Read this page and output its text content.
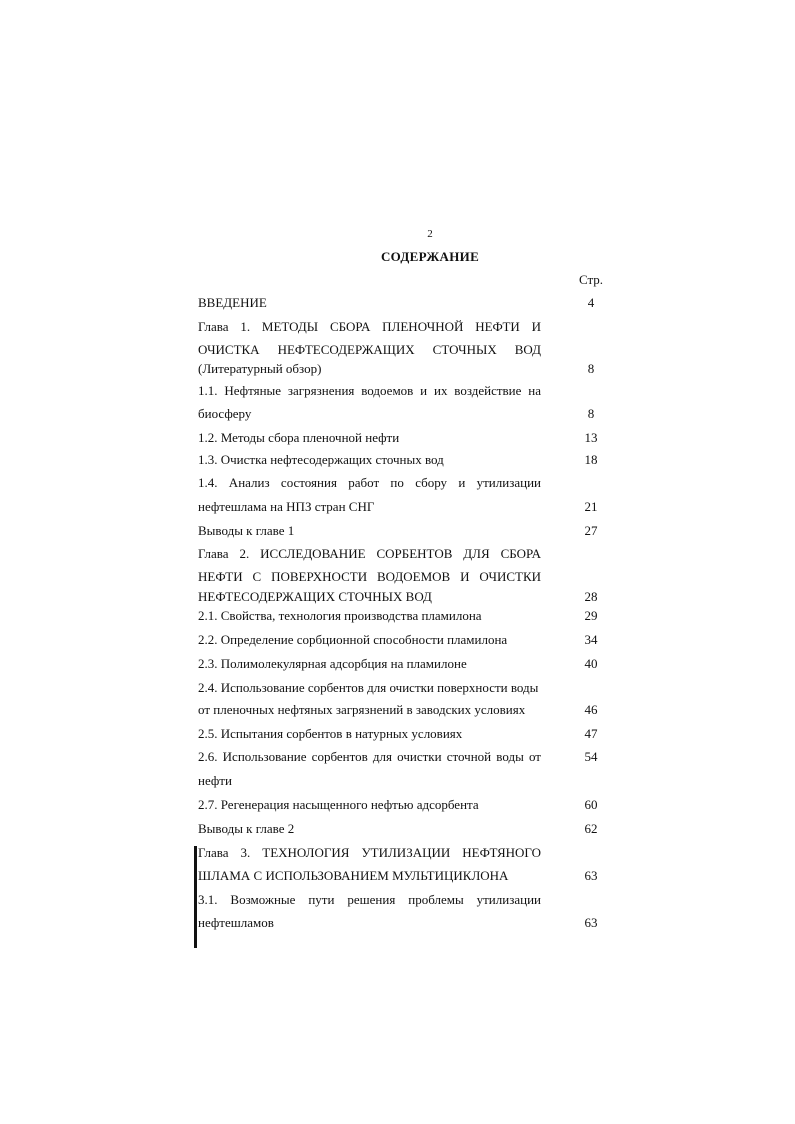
2
СОДЕРЖАНИЕ
Стр.
ВВЕДЕНИЕ	4
Глава 1. МЕТОДЫ СБОРА ПЛЕНОЧНОЙ НЕФТИ И
ОЧИСТКА НЕФТЕСОДЕРЖАЩИХ СТОЧНЫХ ВОД
(Литературный обзор)	8
1.1. Нефтяные загрязнения водоемов и их воздействие на
биосферу	8
1.2. Методы сбора пленочной нефти	13
1.3. Очистка нефтесодержащих сточных вод	18
1.4. Анализ состояния работ по сбору и утилизации
нефтешлама на НПЗ стран СНГ	21
Выводы к главе 1	27
Глава 2. ИССЛЕДОВАНИЕ СОРБЕНТОВ ДЛЯ СБОРА
НЕФТИ С ПОВЕРХНОСТИ ВОДОЕМОВ И ОЧИСТКИ
НЕФТЕСОДЕРЖАЩИХ СТОЧНЫХ ВОД	28
2.1. Свойства, технология производства пламилона	29
2.2. Определение сорбционной способности пламилона	34
2.3. Полимолекулярная адсорбция на пламилоне	40
2.4. Использование сорбентов для очистки поверхности воды
от пленочных нефтяных загрязнений в заводских условиях	46
2.5. Испытания сорбентов в натурных условиях	47
2.6. Использование сорбентов для очистки сточной воды от	54
нефти
2.7. Регенерация насыщенного нефтью адсорбента	60
Выводы к главе 2	62
Глава 3. ТЕХНОЛОГИЯ УТИЛИЗАЦИИ НЕФТЯНОГО
ШЛАМА С ИСПОЛЬЗОВАНИЕМ МУЛЬТИЦИКЛОНА	63
3.1. Возможные пути решения проблемы утилизации
нефтешламов	63
